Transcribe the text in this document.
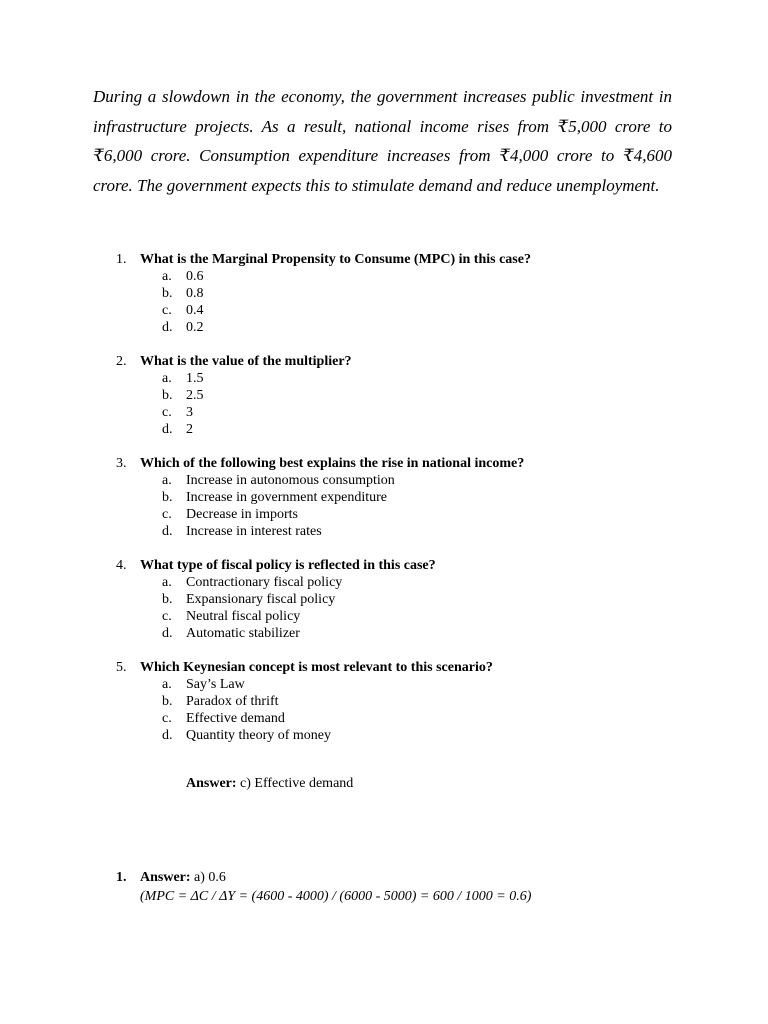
During a slowdown in the economy, the government increases public investment in infrastructure projects. As a result, national income rises from ₹5,000 crore to ₹6,000 crore. Consumption expenditure increases from ₹4,000 crore to ₹4,600 crore. The government expects this to stimulate demand and reduce unemployment.

1. What is the Marginal Propensity to Consume (MPC) in this case?
a. 0.6
b. 0.8
c. 0.4
d. 0.2
2. What is the value of the multiplier?
a. 1.5
b. 2.5
c. 3
d. 2
3. Which of the following best explains the rise in national income?
a. Increase in autonomous consumption
b. Increase in government expenditure
c. Decrease in imports
d. Increase in interest rates
4. What type of fiscal policy is reflected in this case?
a. Contractionary fiscal policy
b. Expansionary fiscal policy
c. Neutral fiscal policy
d. Automatic stabilizer
5. Which Keynesian concept is most relevant to this scenario?
a. Say’s Law
b. Paradox of thrift
c. Effective demand
d. Quantity theory of money
Answer: c) Effective demand
1. Answer: a) 0.6
(MPC = ΔC / ΔY = (4600 - 4000) / (6000 - 5000) = 600 / 1000 = 0.6)
